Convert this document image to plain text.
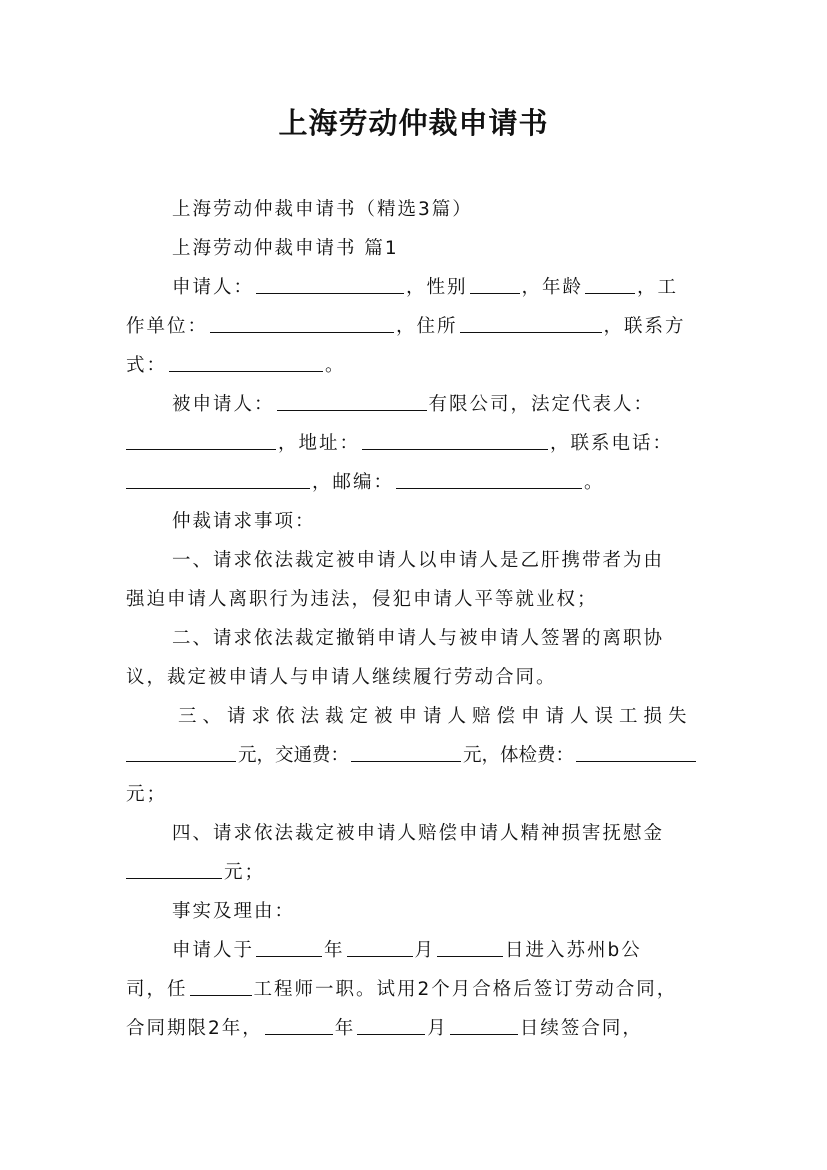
上海劳动仲裁申请书
上海劳动仲裁申请书（精选3篇）
上海劳动仲裁申请书 篇1
申请人：	，性别	，年龄	，工
作单位：	，住所	，联系方
式：	。
被申请人：	有限公司，法定代表人：
，地址：	，联系电话：
，邮编：	。
仲裁请求事项：
一、请求依法裁定被申请人以申请人是乙肝携带者为由
强迫申请人离职行为违法，侵犯申请人平等就业权；
二、请求依法裁定撤销申请人与被申请人签署的离职协
议，裁定被申请人与申请人继续履行劳动合同。
三、请求依法裁定被申请人赔偿申请人误工损失
元，交通费：	元，体检费：
元；
四、请求依法裁定被申请人赔偿申请人精神损害抚慰金
元；
事实及理由：
申请人于	年	月	日进入苏州b公
司，任	工程师一职。试用2个月合格后签订劳动合同，
合同期限2年，	年	月	日续签合同，
